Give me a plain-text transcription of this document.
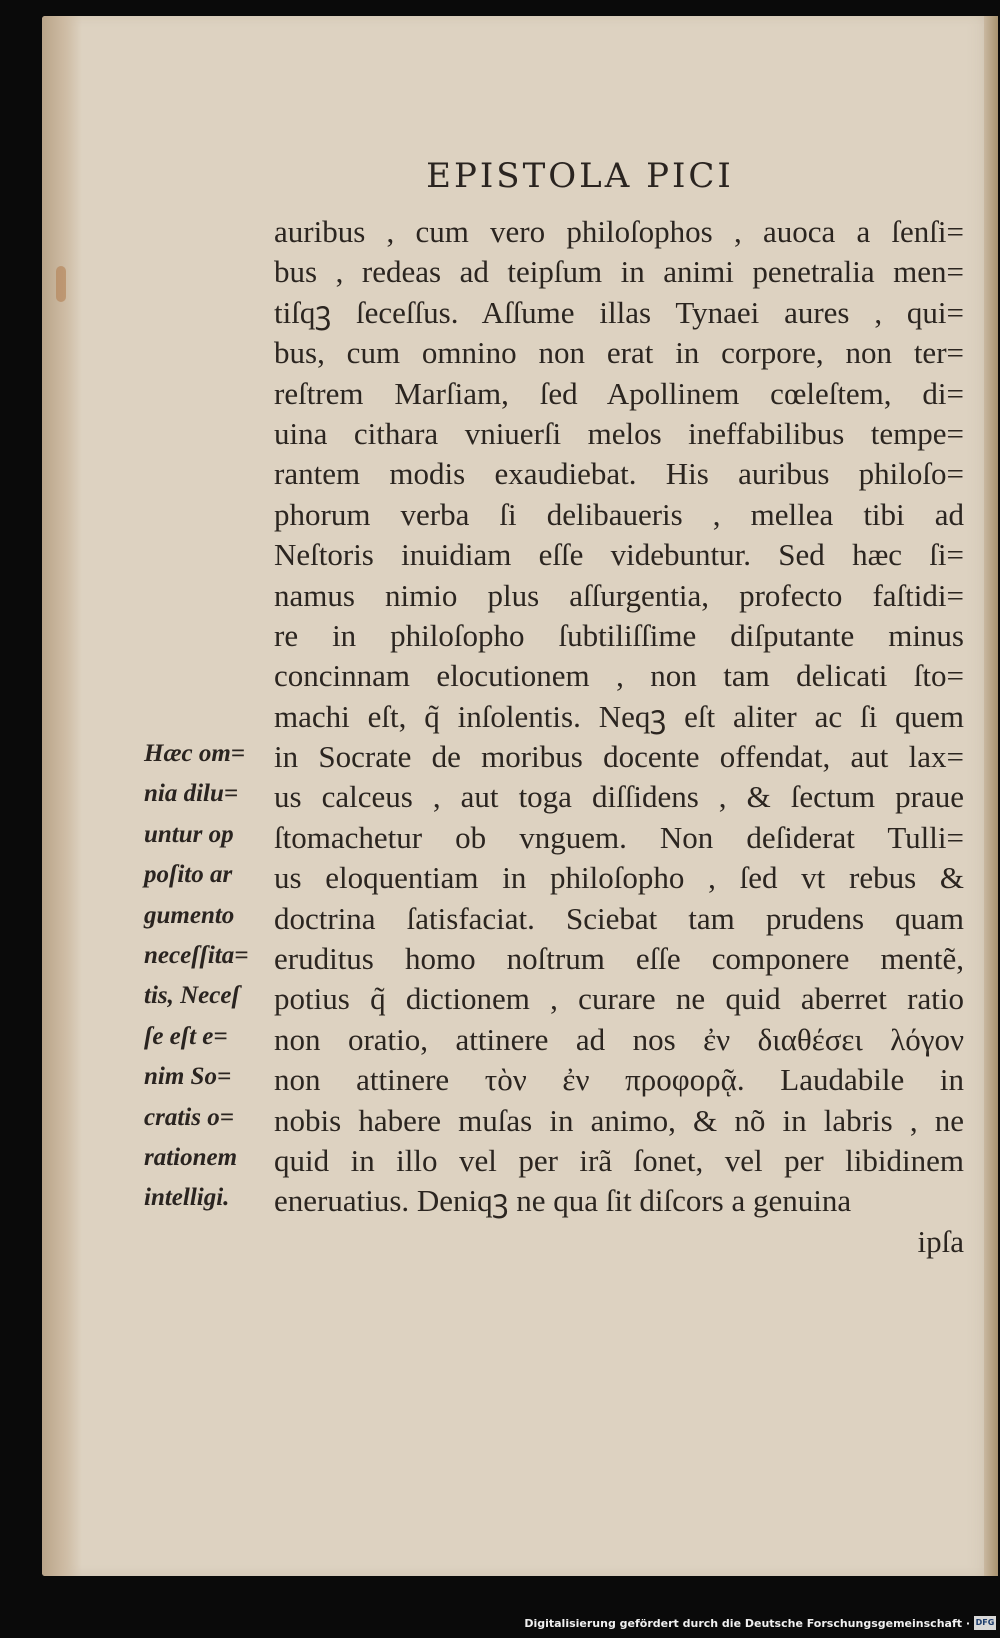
EPISTOLA PICI
Hæc om=
nia dilu=
untur op
poſito ar
gumento
neceſſita=
tis, Neceſ
ſe eſt e=
nim So=
cratis o=
rationem
intelligi.
auribus , cum vero philoſophos , auoca a ſenſi=
bus , redeas ad teipſum in animi penetralia men=
tiſqꝫ ſeceſſus. Aſſume illas Tynaei aures , qui=
bus, cum omnino non erat in corpore, non ter=
reſtrem Marſiam, ſed Apollinem cœleſtem, di=
uina cithara vniuerſi melos ineffabilibus tempe=
rantem modis exaudiebat. His auribus philoſo=
phorum verba ſi delibaueris , mellea tibi ad
Neſtoris inuidiam eſſe videbuntur. Sed hæc ſi=
namus nimio plus aſſurgentia, profecto faſtidi=
re in philoſopho ſubtiliſſime diſputante minus
concinnam elocutionem , non tam delicati ſto=
machi eſt, q̃ inſolentis. Neqꝫ eſt aliter ac ſi quem
in Socrate de moribus docente offendat, aut lax=
us calceus , aut toga diſſidens , & ſectum praue
ſtomachetur ob vnguem. Non deſiderat Tulli=
us eloquentiam in philoſopho , ſed vt rebus &
doctrina ſatisfaciat. Sciebat tam prudens quam
eruditus homo noſtrum eſſe componere mentẽ,
potius q̃ dictionem , curare ne quid aberret ratio
non oratio, attinere ad nos ἐν διαθέσει λόγον
non attinere τὸν ἐν προφορᾷ. Laudabile in
nobis habere muſas in animo, & nõ in labris , ne
quid in illo vel per irã ſonet, vel per libidinem
eneruatius. Deniqꝫ ne qua ſit diſcors a genuina
ipſa
Digitalisierung gefördert durch die Deutsche Forschungsgemeinschaft · DFG
